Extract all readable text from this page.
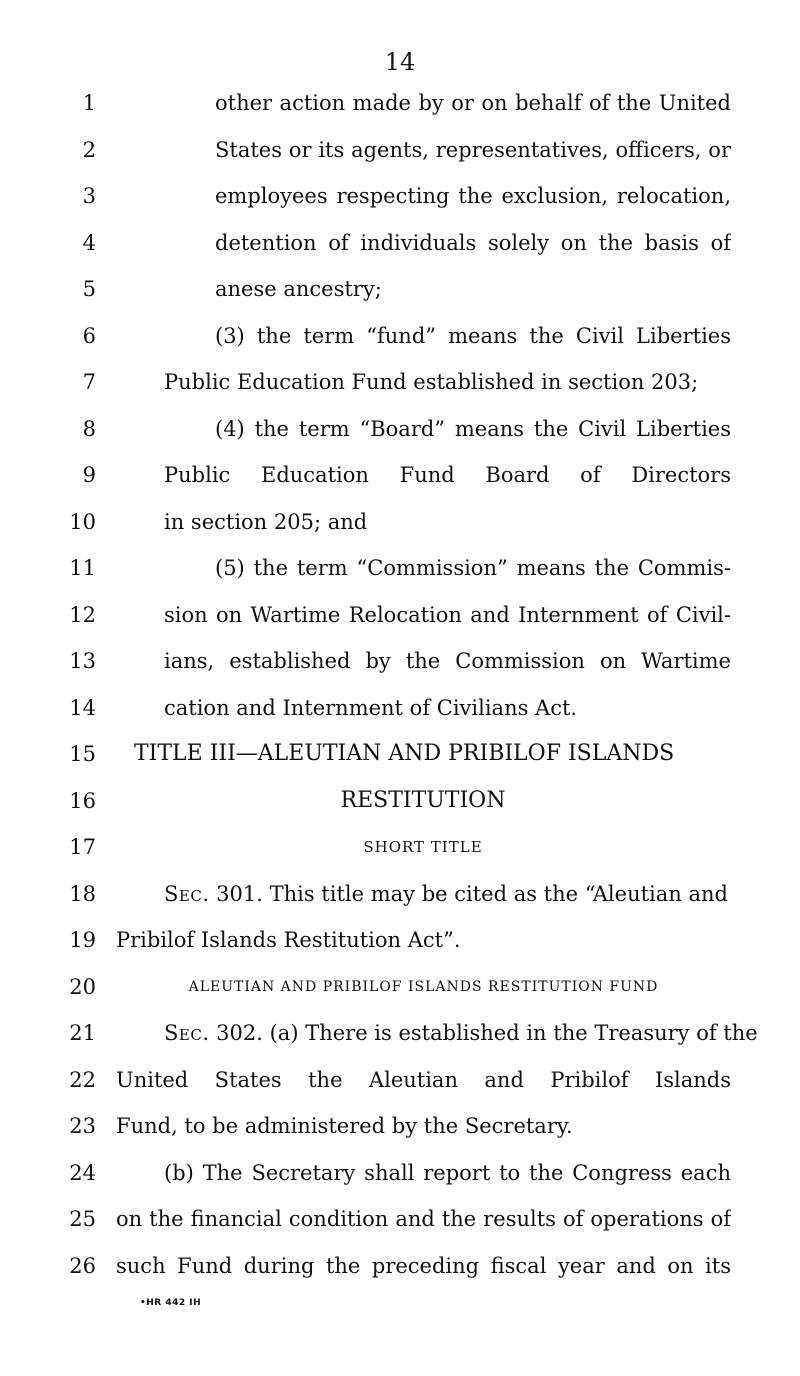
14
1	other action made by or on behalf of the United
2	States or its agents, representatives, officers, or
3	employees respecting the exclusion, relocation,
4	detention of individuals solely on the basis of
5	anese ancestry;
6	(3) the term “fund” means the Civil Liberties
7	Public Education Fund established in section 203;
8	(4) the term “Board” means the Civil Liberties
9	Public Education Fund Board of Directors
10	in section 205; and
11	(5) the term “Commission” means the Commis-
12	sion on Wartime Relocation and Internment of Civil-
13	ians, established by the Commission on Wartime
14	cation and Internment of Civilians Act.
15 TITLE III—ALEUTIAN AND PRIBILOF ISLANDS
16	RESTITUTION
17	SHORT TITLE
18	Sec. 301. This title may be cited as the “Aleutian and
19 Pribilof Islands Restitution Act”.
20	ALEUTIAN AND PRIBILOF ISLANDS RESTITUTION FUND
21	Sec. 302. (a) There is established in the Treasury of the
22 United States the Aleutian and Pribilof Islands
23 Fund, to be administered by the Secretary.
24	(b) The Secretary shall report to the Congress each
25 on the financial condition and the results of operations of
26 such Fund during the preceding fiscal year and on its
•HR 442 IH
